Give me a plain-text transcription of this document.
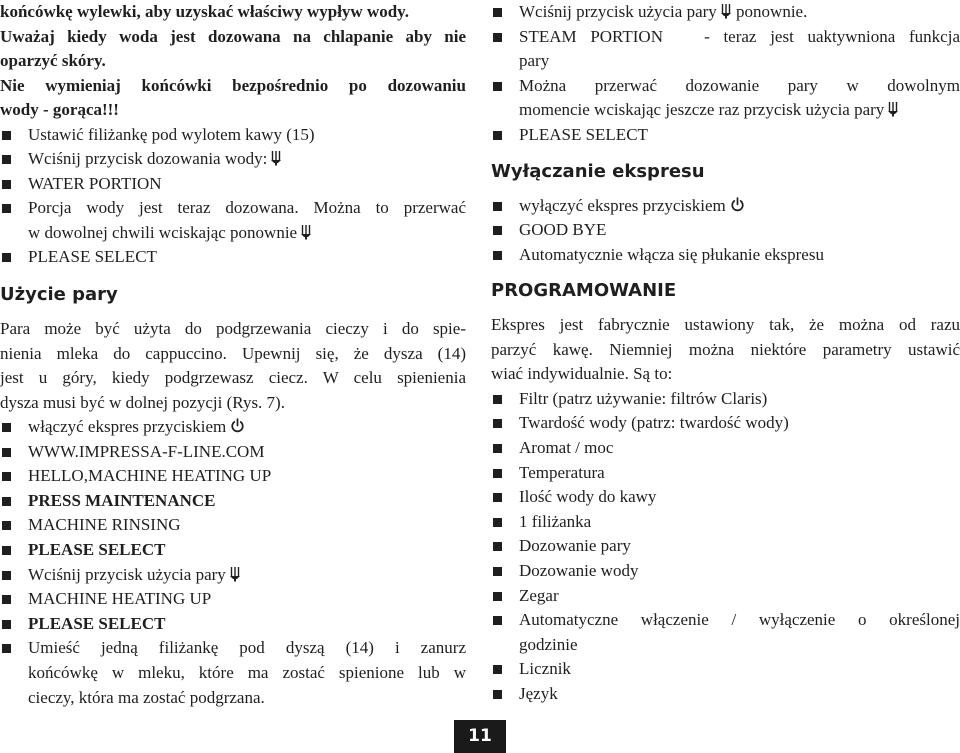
końcówkę wylewki, aby uzyskać właściwy wypływ wody.
Uważaj kiedy woda jest dozowana na chlapanie aby nie
oparzyć skóry.
Nie wymieniaj końcówki bezpośrednio po dozowaniu
wody - gorąca!!!
Ustawić filiżankę pod wylotem kawy (15)
Wciśnij przycisk dozowania wody:
WATER PORTION
Porcja wody jest teraz dozowana. Można to przerwać
w dowolnej chwili wciskając ponownie
PLEASE SELECT
Użycie pary
Para może być użyta do podgrzewania cieczy i do spie-
nienia mleka do cappuccino. Upewnij się, że dysza (14)
jest u góry, kiedy podgrzewasz ciecz. W celu spienienia
dysza musi być w dolnej pozycji (Rys. 7).
włączyć ekspres przyciskiem
WWW.IMPRESSA-F-LINE.COM
HELLO,MACHINE HEATING UP
PRESS MAINTENANCE
MACHINE RINSING
PLEASE SELECT
Wciśnij przycisk użycia pary
MACHINE HEATING UP
PLEASE SELECT
Umieść jedną filiżankę pod dyszą (14) i zanurz
końcówkę w mleku, które ma zostać spienione lub w
cieczy, która ma zostać podgrzana.
Wciśnij przycisk użycia pary ponownie.
STEAM PORTION   - teraz jest uaktywniona funkcja
pary
Można przerwać dozowanie pary w dowolnym
momencie wciskając jeszcze raz przycisk użycia pary
PLEASE SELECT
Wyłączanie ekspresu
wyłączyć ekspres przyciskiem
GOOD BYE
Automatycznie włącza się płukanie ekspresu
PROGRAMOWANIE
Ekspres jest fabrycznie ustawiony tak, że można od razu
parzyć kawę. Niemniej można niektóre parametry ustawić
wiać indywidualnie. Są to:
Filtr (patrz używanie: filtrów Claris)
Twardość wody (patrz: twardość wody)
Aromat / moc
Temperatura
Ilość wody do kawy
1 filiżanka
Dozowanie pary
Dozowanie wody
Zegar
Automatyczne włączenie / wyłączenie o określonej
godzinie
Licznik
Język
11
